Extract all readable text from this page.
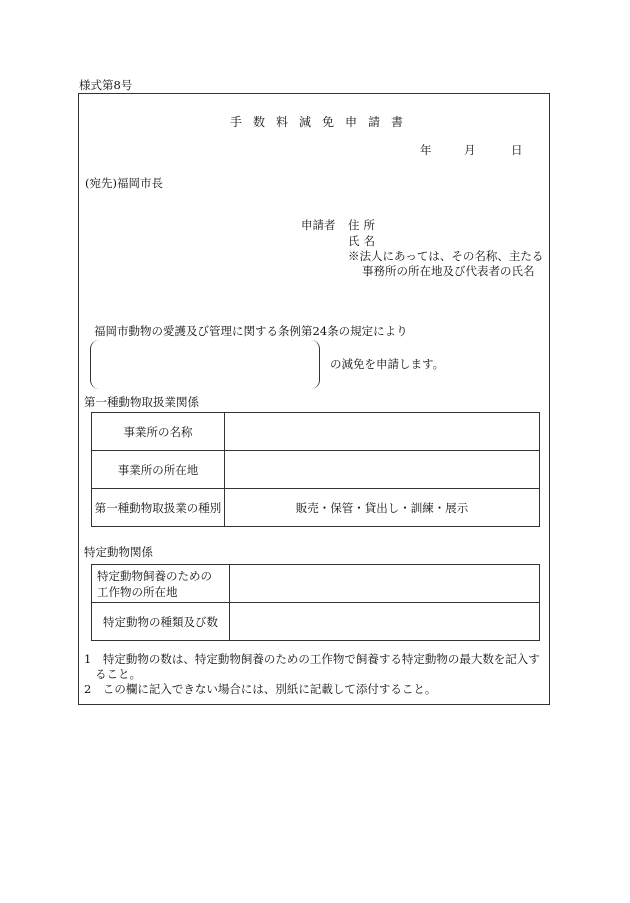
様式第8号
手数料減免申請書
年	月	日
(宛先)福岡市長
申請者 住所
氏名
※法人にあっては、その名称、主たる
事務所の所在地及び代表者の氏名
福岡市動物の愛護及び管理に関する条例第24条の規定により
の減免を申請します。
第一種動物取扱業関係
事業所の名称	
事業所の所在地	
第一種動物取扱業の種別	販売・保管・貸出し・訓練・展示
特定動物関係
特定動物飼養のための
工作物の所在地	

特定動物の種類及び数	
1　特定動物の数は、特定動物飼養のための工作物で飼養する特定動物の最大数を記入す
ること。
2　この欄に記入できない場合には、別紙に記載して添付すること。
